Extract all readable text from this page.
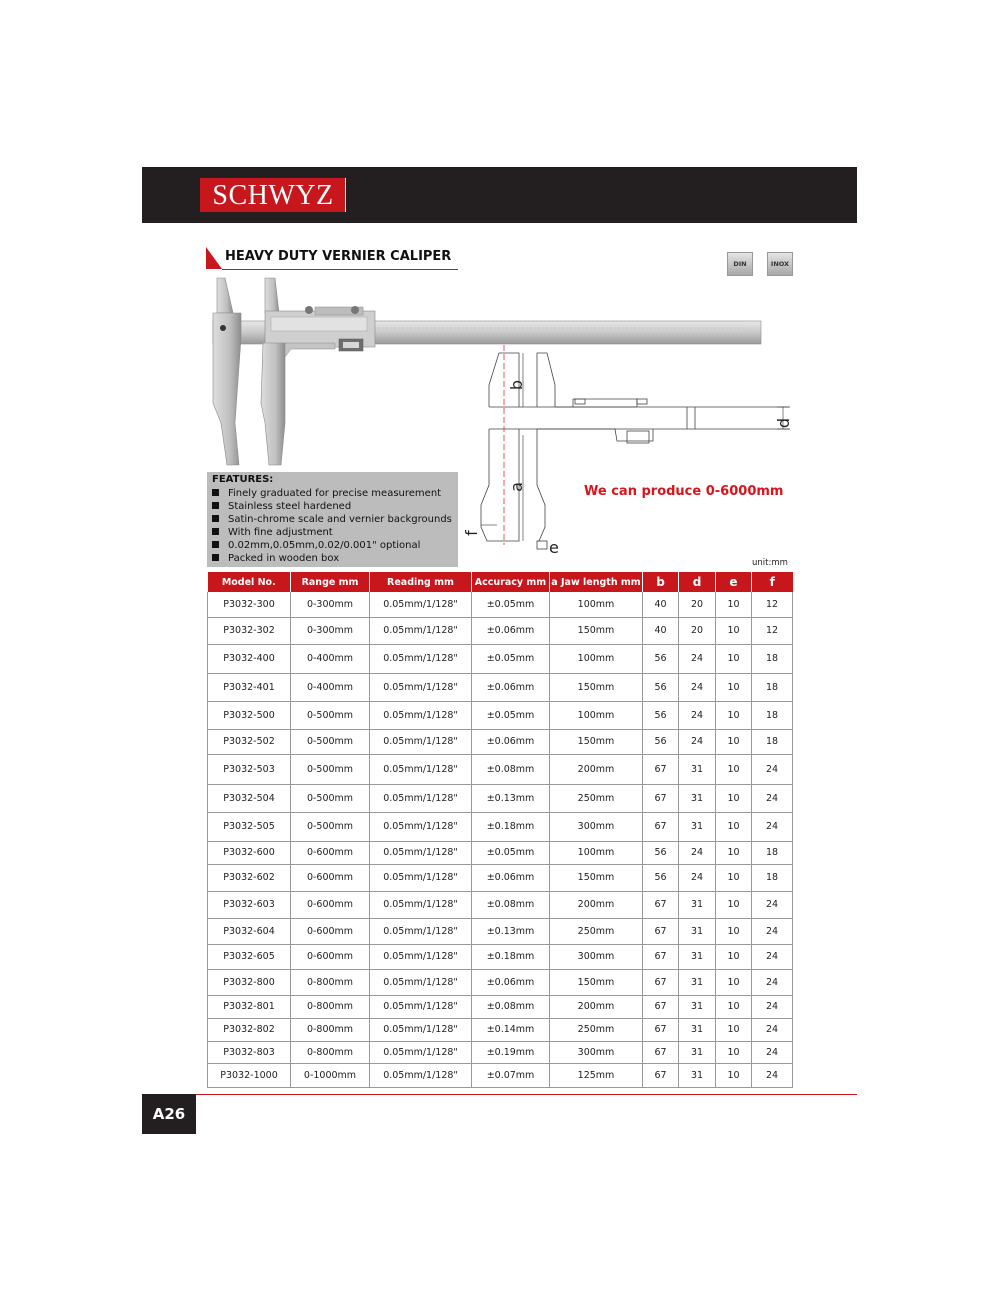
SCHWYZ
HEAVY DUTY VERNIER CALIPER	DIN	INOX
b
a
d
e
f
FEATURES:
Finely graduated for precise measurement
Stainless steel hardened
Satin-chrome scale and vernier backgrounds
With fine adjustment
0.02mm,0.05mm,0.02/0.001" optional
Packed in wooden box
We can produce 0-6000mm
unit:mm
Model No.	Range mm	Reading mm	Accuracy mm	a Jaw length mm	b	d	e	f
P3032-300	0-300mm	0.05mm/1/128"	±0.05mm	100mm	40	20	10	12
P3032-302	0-300mm	0.05mm/1/128"	±0.06mm	150mm	40	20	10	12
P3032-400	0-400mm	0.05mm/1/128"	±0.05mm	100mm	56	24	10	18
P3032-401	0-400mm	0.05mm/1/128"	±0.06mm	150mm	56	24	10	18
P3032-500	0-500mm	0.05mm/1/128"	±0.05mm	100mm	56	24	10	18
P3032-502	0-500mm	0.05mm/1/128"	±0.06mm	150mm	56	24	10	18
P3032-503	0-500mm	0.05mm/1/128"	±0.08mm	200mm	67	31	10	24
P3032-504	0-500mm	0.05mm/1/128"	±0.13mm	250mm	67	31	10	24
P3032-505	0-500mm	0.05mm/1/128"	±0.18mm	300mm	67	31	10	24
P3032-600	0-600mm	0.05mm/1/128"	±0.05mm	100mm	56	24	10	18
P3032-602	0-600mm	0.05mm/1/128"	±0.06mm	150mm	56	24	10	18
P3032-603	0-600mm	0.05mm/1/128"	±0.08mm	200mm	67	31	10	24
P3032-604	0-600mm	0.05mm/1/128"	±0.13mm	250mm	67	31	10	24
P3032-605	0-600mm	0.05mm/1/128"	±0.18mm	300mm	67	31	10	24
P3032-800	0-800mm	0.05mm/1/128"	±0.06mm	150mm	67	31	10	24
P3032-801	0-800mm	0.05mm/1/128"	±0.08mm	200mm	67	31	10	24
P3032-802	0-800mm	0.05mm/1/128"	±0.14mm	250mm	67	31	10	24
P3032-803	0-800mm	0.05mm/1/128"	±0.19mm	300mm	67	31	10	24
P3032-1000	0-1000mm	0.05mm/1/128"	±0.07mm	125mm	67	31	10	24
A26
